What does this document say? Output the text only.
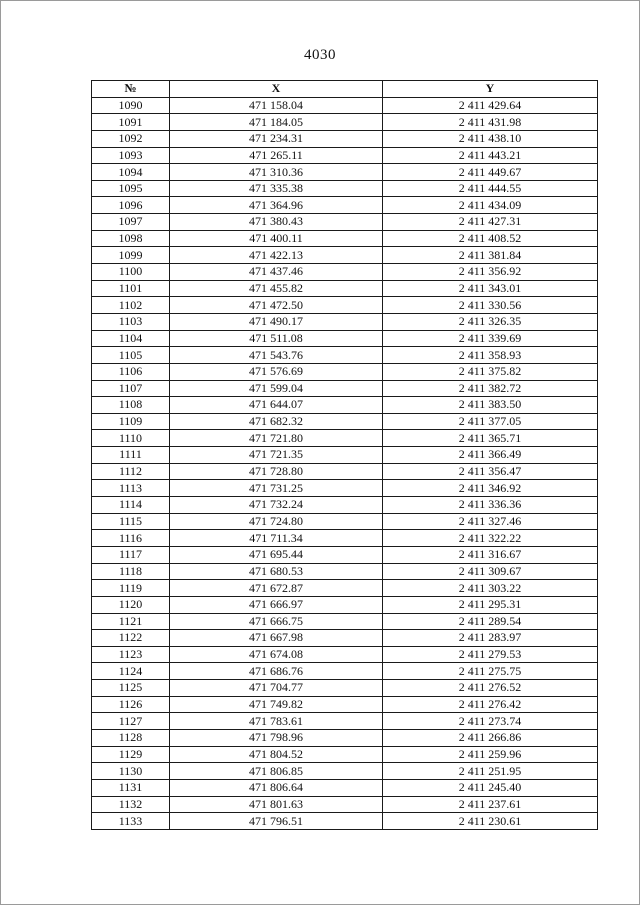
4030
№	X	Y
1090	471 158.04	2 411 429.64
1091	471 184.05	2 411 431.98
1092	471 234.31	2 411 438.10
1093	471 265.11	2 411 443.21
1094	471 310.36	2 411 449.67
1095	471 335.38	2 411 444.55
1096	471 364.96	2 411 434.09
1097	471 380.43	2 411 427.31
1098	471 400.11	2 411 408.52
1099	471 422.13	2 411 381.84
1100	471 437.46	2 411 356.92
1101	471 455.82	2 411 343.01
1102	471 472.50	2 411 330.56
1103	471 490.17	2 411 326.35
1104	471 511.08	2 411 339.69
1105	471 543.76	2 411 358.93
1106	471 576.69	2 411 375.82
1107	471 599.04	2 411 382.72
1108	471 644.07	2 411 383.50
1109	471 682.32	2 411 377.05
1110	471 721.80	2 411 365.71
1111	471 721.35	2 411 366.49
1112	471 728.80	2 411 356.47
1113	471 731.25	2 411 346.92
1114	471 732.24	2 411 336.36
1115	471 724.80	2 411 327.46
1116	471 711.34	2 411 322.22
1117	471 695.44	2 411 316.67
1118	471 680.53	2 411 309.67
1119	471 672.87	2 411 303.22
1120	471 666.97	2 411 295.31
1121	471 666.75	2 411 289.54
1122	471 667.98	2 411 283.97
1123	471 674.08	2 411 279.53
1124	471 686.76	2 411 275.75
1125	471 704.77	2 411 276.52
1126	471 749.82	2 411 276.42
1127	471 783.61	2 411 273.74
1128	471 798.96	2 411 266.86
1129	471 804.52	2 411 259.96
1130	471 806.85	2 411 251.95
1131	471 806.64	2 411 245.40
1132	471 801.63	2 411 237.61
1133	471 796.51	2 411 230.61
